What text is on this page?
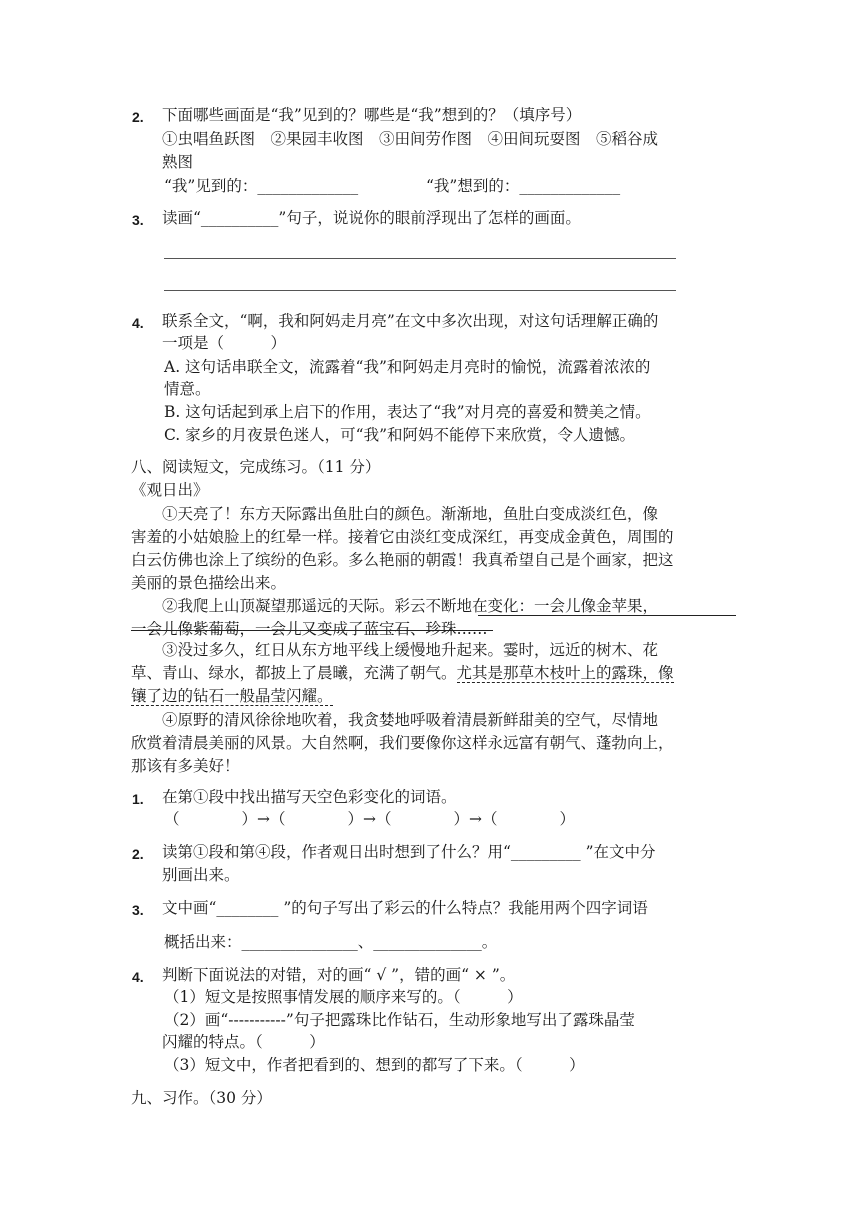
2. 下面哪些画面是“我”见到的？哪些是“我”想到的？（填序号）
①虫唱鱼跃图　②果园丰收图　③田间劳作图　④田间玩耍图　⑤稻谷成
熟图
“我”见到的：_____________	“我”想到的：_____________
3. 读画“__________”句子，说说你的眼前浮现出了怎样的画面。
4. 联系全文，“啊，我和阿妈走月亮”在文中多次出现，对这句话理解正确的
一项是（　　　）
A. 这句话串联全文，流露着“我”和阿妈走月亮时的愉悦，流露着浓浓的
情意。
B. 这句话起到承上启下的作用，表达了“我”对月亮的喜爱和赞美之情。
C. 家乡的月夜景色迷人，可“我”和阿妈不能停下来欣赏，令人遗憾。
八、阅读短文，完成练习。（11 分）
《观日出》
　　①天亮了！东方天际露出鱼肚白的颜色。渐渐地，鱼肚白变成淡红色，像
害羞的小姑娘脸上的红晕一样。接着它由淡红变成深红，再变成金黄色，周围的
白云仿佛也涂上了缤纷的色彩。多么艳丽的朝霞！我真希望自己是个画家，把这
美丽的景色描绘出来。
　　②我爬上山顶凝望那遥远的天际。彩云不断地在变化：一会儿像金苹果，
一会儿像紫葡萄，一会儿又变成了蓝宝石、珍珠……
　　③没过多久，红日从东方地平线上缓慢地升起来。霎时，远近的树木、花
草、青山、绿水，都披上了晨曦，充满了朝气。尤其是那草木枝叶上的露珠，像
镶了边的钻石一般晶莹闪耀。
　　④原野的清风徐徐地吹着，我贪婪地呼吸着清晨新鲜甜美的空气，尽情地
欣赏着清晨美丽的风景。大自然啊，我们要像你这样永远富有朝气、蓬勃向上，
那该有多美好！
1. 在第①段中找出描写天空色彩变化的词语。
（　　　　）→（　　　　）→（　　　　）→（　　　　）
2. 读第①段和第④段，作者观日出时想到了什么？用“_________ ”在文中分
别画出来。
3. 文中画“________ ”的句子写出了彩云的什么特点？我能用两个四字词语
概括出来：_______________、______________。
4. 判断下面说法的对错，对的画“ √ ”，错的画“ × ”。
（1）短文是按照事情发展的顺序来写的。（　　　）
（2）画“-----------”句子把露珠比作钻石，生动形象地写出了露珠晶莹
闪耀的特点。（　　　）
（3）短文中，作者把看到的、想到的都写了下来。（　　　）
九、习作。（30 分）
